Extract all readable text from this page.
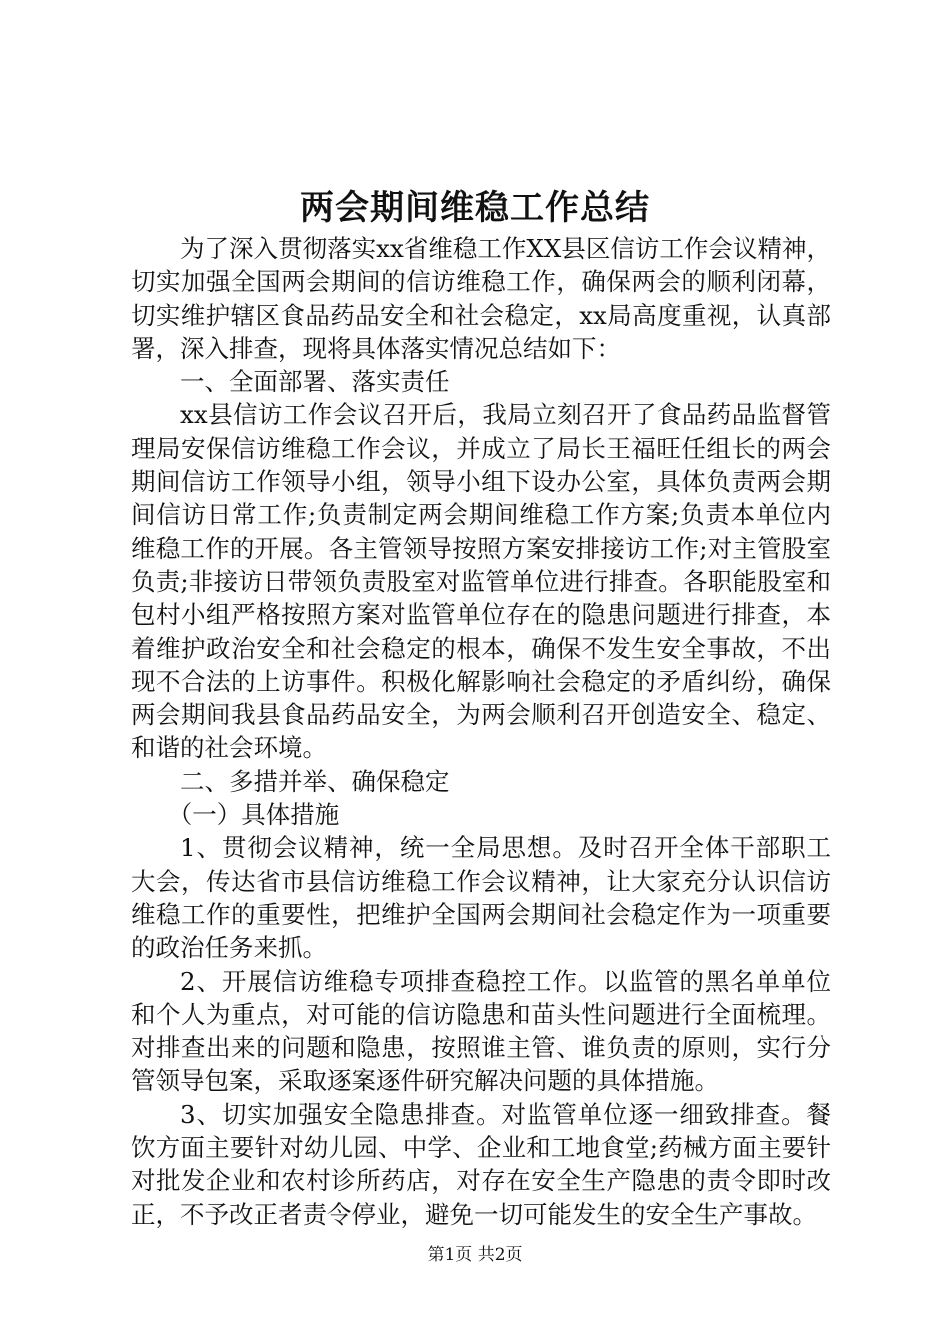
两会期间维稳工作总结

为了深入贯彻落实xx省维稳工作XX县区信访工作会议精神，切实加强全国两会期间的信访维稳工作，确保两会的顺利闭幕，切实维护辖区食品药品安全和社会稳定，xx局高度重视，认真部署，深入排查，现将具体落实情况总结如下：

一、全面部署、落实责任

xx县信访工作会议召开后，我局立刻召开了食品药品监督管理局安保信访维稳工作会议，并成立了局长王福旺任组长的两会期间信访工作领导小组，领导小组下设办公室，具体负责两会期间信访日常工作;负责制定两会期间维稳工作方案;负责本单位内维稳工作的开展。各主管领导按照方案安排接访工作;对主管股室负责;非接访日带领负责股室对监管单位进行排查。各职能股室和包村小组严格按照方案对监管单位存在的隐患问题进行排查，本着维护政治安全和社会稳定的根本，确保不发生安全事故，不出现不合法的上访事件。积极化解影响社会稳定的矛盾纠纷，确保两会期间我县食品药品安全，为两会顺利召开创造安全、稳定、和谐的社会环境。

二、多措并举、确保稳定

（一）具体措施

1、贯彻会议精神，统一全局思想。及时召开全体干部职工大会，传达省市县信访维稳工作会议精神，让大家充分认识信访维稳工作的重要性，把维护全国两会期间社会稳定作为一项重要的政治任务来抓。

2、开展信访维稳专项排查稳控工作。以监管的黑名单单位和个人为重点，对可能的信访隐患和苗头性问题进行全面梳理。对排查出来的问题和隐患，按照谁主管、谁负责的原则，实行分管领导包案，采取逐案逐件研究解决问题的具体措施。

3、切实加强安全隐患排查。对监管单位逐一细致排查。餐饮方面主要针对幼儿园、中学、企业和工地食堂;药械方面主要针对批发企业和农村诊所药店，对存在安全生产隐患的责令即时改正，不予改正者责令停业，避免一切可能发生的安全生产事故。

第1页 共2页
